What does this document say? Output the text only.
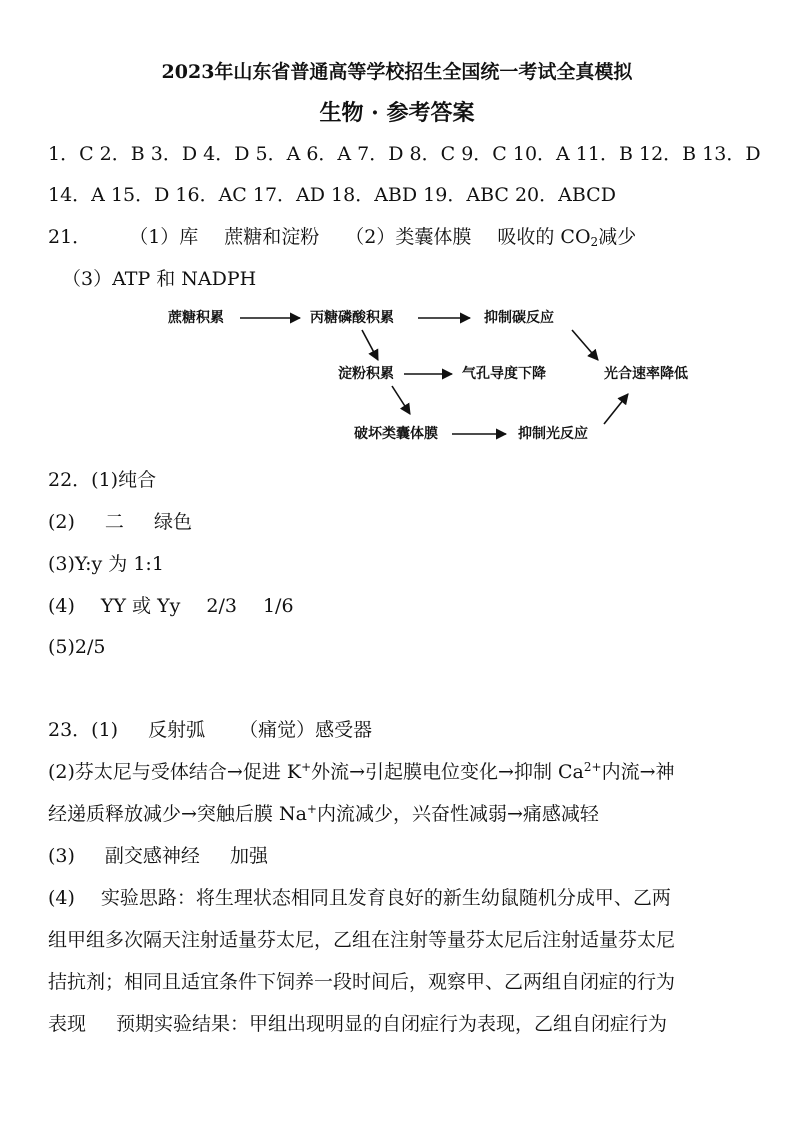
2023年山东省普通高等学校招生全国统一考试全真模拟
生物 · 参考答案
1．C 2．B 3．D 4．D 5．A 6．A 7．D 8．C 9．C 10．A 11．B 12．B 13．D
14．A 15．D 16．AC 17．AD 18．ABD 19．ABC 20．ABCD
21． （1）库 蔗糖和淀粉 （2）类囊体膜 吸收的 $CO_2$减少
（3）ATP 和 NADPH
蔗糖积累	丙糖磷酸积累	抑制碳反应
淀粉积累	气孔导度下降	光合速率降低
破坏类囊体膜	抑制光反应
22．(1)纯合
(2) 二 绿色
(3)Y:y 为 1:1
(4) YY 或 Yy 2/3 1/6
(5)2/5
23．(1) 反射弧 （痛觉）感受器
(2)芬太尼与受体结合→促进 K+外流→引起膜电位变化→抑制 $Ca^{2+}$内流→神
经递质释放减少→突触后膜 Na+内流减少，兴奋性减弱→痛感减轻
(3) 副交感神经 加强
(4) 实验思路：将生理状态相同且发育良好的新生幼鼠随机分成甲、乙两
组甲组多次隔天注射适量芬太尼，乙组在注射等量芬太尼后注射适量芬太尼
拮抗剂；相同且适宜条件下饲养一段时间后，观察甲、乙两组自闭症的行为
表现 预期实验结果：甲组出现明显的自闭症行为表现，乙组自闭症行为
